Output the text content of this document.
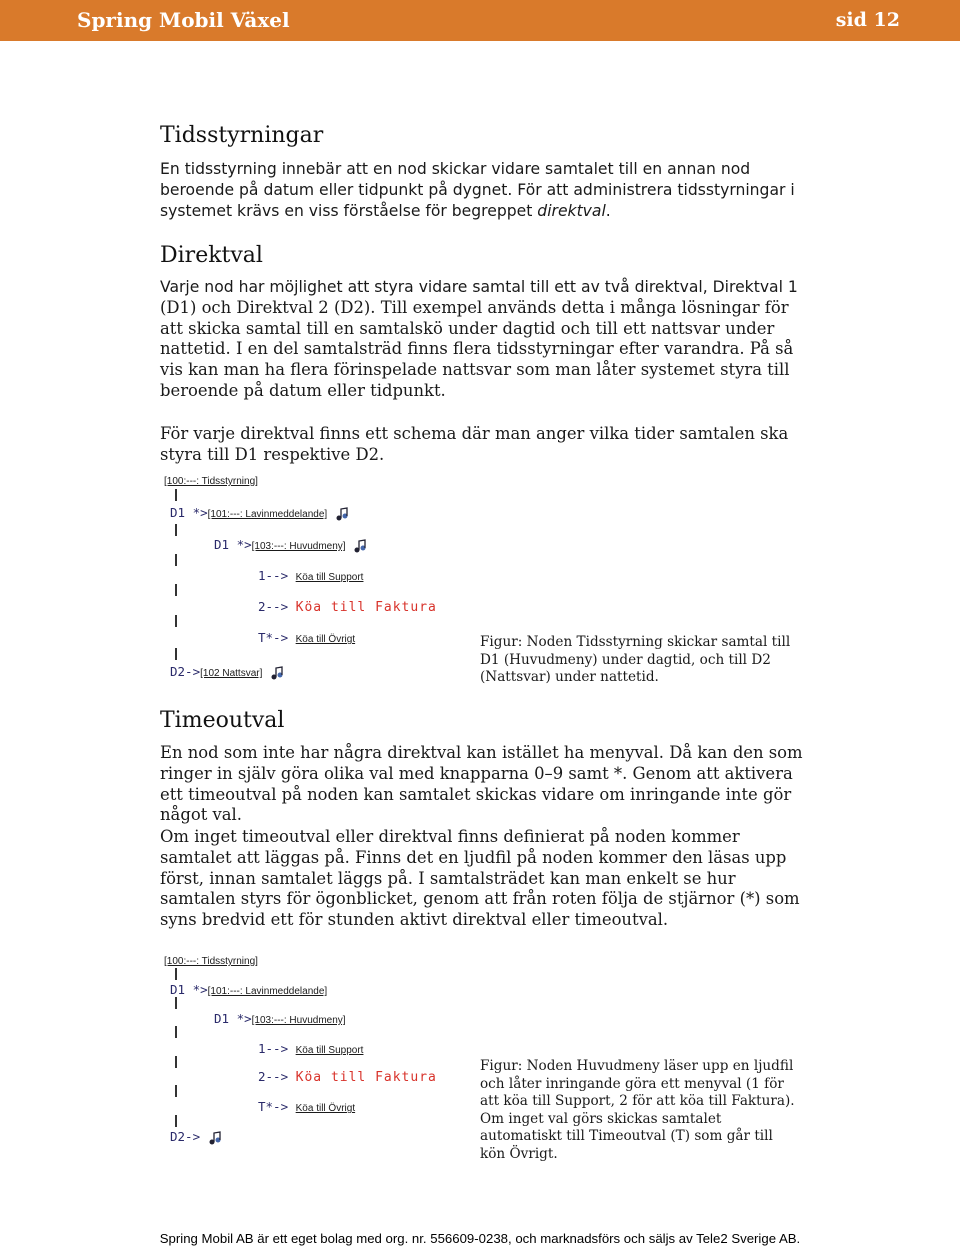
Spring Mobil Växel	sid 12
Tidsstyrningar

En tidsstyrning innebär att en nod skickar vidare samtalet till en annan nod beroende på datum eller tidpunkt på dygnet. För att administrera tidsstyrningar i systemet krävs en viss förståelse för begreppet direktval.

Direktval

Varje nod har möjlighet att styra vidare samtal till ett av två direktval, Direktval 1
(D1) och Direktval 2 (D2). Till exempel används detta i många lösningar för att skicka samtal till en samtalskö under dagtid och till ett nattsvar under nattetid. I en del samtalsträd finns flera tidsstyrningar efter varandra. På så vis kan man ha flera förinspelade nattsvar som man låter systemet styra till beroende på datum eller tidpunkt.

För varje direktval finns ett schema där man anger vilka tider samtalen ska styra till D1 respektive D2.

[100:---: Tidsstyrning]
D1 *>[101:---: Lavinmeddelande]
D1 *>[103:---: Huvudmeny]
1--> Köa till Support
2--> Köa till Faktura
T*-> Köa till Övrigt
D2->[102 Nattsvar]

Figur: Noden Tidsstyrning skickar samtal till D1 (Huvudmeny) under dagtid, och till D2 (Nattsvar) under nattetid.

Timeoutval

En nod som inte har några direktval kan istället ha menyval. Då kan den som ringer in själv göra olika val med knapparna 0–9 samt *. Genom att aktivera ett timeoutval på noden kan samtalet skickas vidare om inringande inte gör något val.

Om inget timeoutval eller direktval finns definierat på noden kommer samtalet att läggas på. Finns det en ljudfil på noden kommer den läsas upp först, innan samtalet läggs på. I samtalsträdet kan man enkelt se hur samtalen styrs för ögonblicket, genom att från roten följa de stjärnor (*) som syns bredvid ett för stunden aktivt direktval eller timeoutval.

[100:---: Tidsstyrning]
D1 *>[101:---: Lavinmeddelande]
D1 *>[103:---: Huvudmeny]
1--> Köa till Support
2--> Köa till Faktura
T*-> Köa till Övrigt
D2->

Figur: Noden Huvudmeny läser upp en ljudfil och låter inringande göra ett menyval (1 för att köa till Support, 2 för att köa till Faktura). Om inget val görs skickas samtalet automatiskt till Timeoutval (T) som går till kön Övrigt.

Spring Mobil AB är ett eget bolag med org. nr. 556609-0238, och marknadsförs och säljs av Tele2 Sverige AB.
